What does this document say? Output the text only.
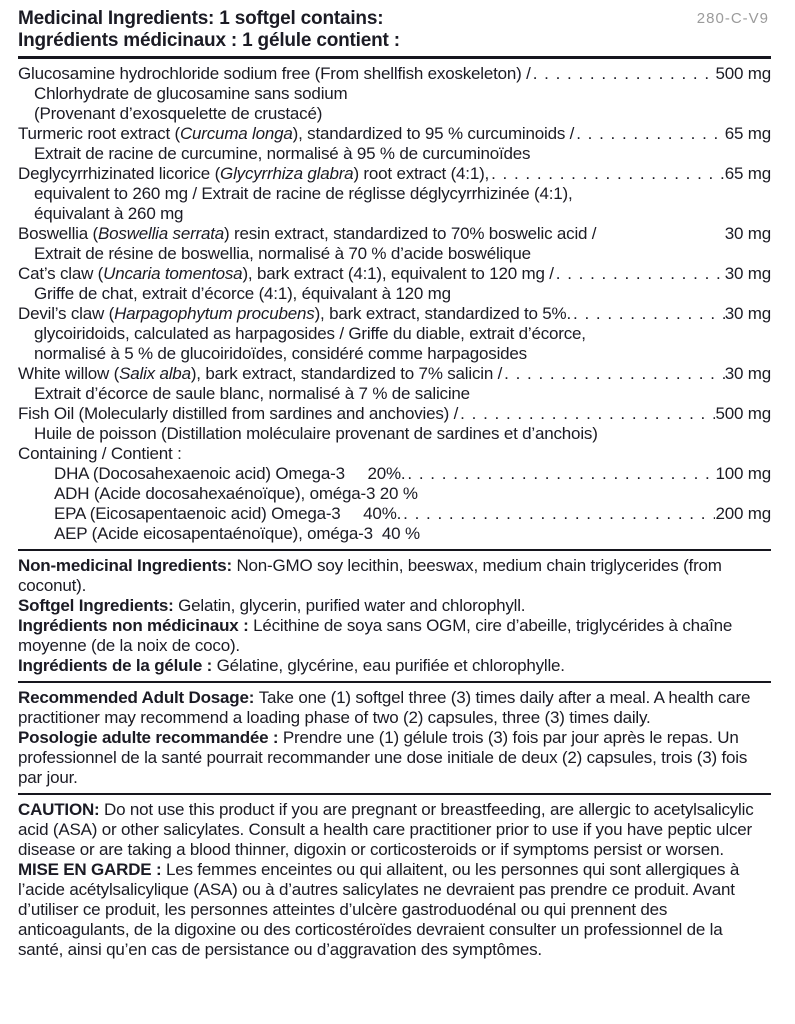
Medicinal Ingredients: 1 softgel contains:
Ingrédients médicinaux : 1 gélule contient :
280-C-V9
Glucosamine hydrochloride sodium free (From shellfish exoskeleton) / . . .	500 mg
Chlorhydrate de glucosamine sans sodium
(Provenant d’exosquelette de crustacé)
Turmeric root extract (Curcuma longa), standardized to 95 % curcuminoids / . . .	65 mg
Extrait de racine de curcumine, normalisé à 95 % de curcuminoïdes
Deglycyrrhizinated licorice (Glycyrrhiza glabra) root extract (4:1), . . .	65 mg
equivalent to 260 mg / Extrait de racine de réglisse déglycyrrhizinée (4:1),
équivalant à 260 mg
Boswellia (Boswellia serrata) resin extract, standardized to 70% boswelic acid /	30 mg
Extrait de résine de boswellia, normalisé à 70 % d’acide boswélique
Cat’s claw (Uncaria tomentosa), bark extract (4:1), equivalent to 120 mg / . . .	30 mg
Griffe de chat, extrait d’écorce (4:1), équivalant à 120 mg
Devil’s claw (Harpagophytum procubens), bark extract, standardized to 5%. . . .	30 mg
glycoiridoids, calculated as harpagosides / Griffe du diable, extrait d’écorce,
normalisé à 5 % de glucoiridoïdes, considéré comme harpagosides
White willow (Salix alba), bark extract, standardized to 7% salicin / . . .	30 mg
Extrait d’écorce de saule blanc, normalisé à 7 % de salicine
Fish Oil (Molecularly distilled from sardines and anchovies) / . . .	500 mg
Huile de poisson (Distillation moléculaire provenant de sardines et d’anchois)
Containing / Contient :
DHA (Docosahexaenoic acid) Omega-3     20%. . . .	100 mg
ADH (Acide docosahexaénoïque), oméga-3 20 %
EPA (Eicosapentaenoic acid) Omega-3     40%. . . .	200 mg
AEP (Acide eicosapentaénoïque), oméga-3  40 %

Non-medicinal Ingredients: Non-GMO soy lecithin, beeswax, medium chain triglycerides (from coconut).

Softgel Ingredients: Gelatin, glycerin, purified water and chlorophyll.

Ingrédients non médicinaux : Lécithine de soya sans OGM, cire d’abeille, triglycérides à chaîne moyenne (de la noix de coco).

Ingrédients de la gélule : Gélatine, glycérine, eau purifiée et chlorophylle.

Recommended Adult Dosage: Take one (1) softgel three (3) times daily after a meal. A health care practitioner may recommend a loading phase of two (2) capsules, three (3) times daily.

Posologie adulte recommandée : Prendre une (1) gélule trois (3) fois par jour après le repas. Un professionnel de la santé pourrait recommander une dose initiale de deux (2) capsules, trois (3) fois par jour.

CAUTION: Do not use this product if you are pregnant or breastfeeding, are allergic to acetylsalicylic acid (ASA) or other salicylates. Consult a health care practitioner prior to use if you have peptic ulcer disease or are taking a blood thinner, digoxin or corticosteroids or if symptoms persist or worsen.

MISE EN GARDE : Les femmes enceintes ou qui allaitent, ou les personnes qui sont allergiques à l’acide acétylsalicylique (ASA) ou à d’autres salicylates ne devraient pas prendre ce produit. Avant d’utiliser ce produit, les personnes atteintes d’ulcère gastroduodénal ou qui prennent des anticoagulants, de la digoxine ou des corticostéroïdes devraient consulter un professionnel de la santé, ainsi qu’en cas de persistance ou d’aggravation des symptômes.
